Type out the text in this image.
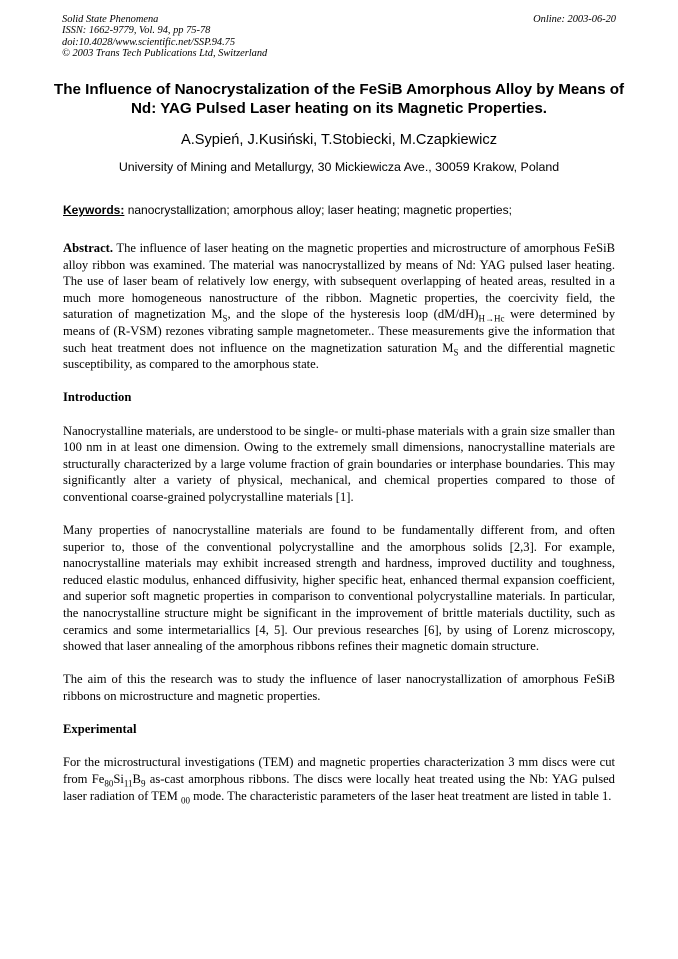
Solid State Phenomena
ISSN: 1662-9779, Vol. 94, pp 75-78
doi:10.4028/www.scientific.net/SSP.94.75
© 2003 Trans Tech Publications Ltd, Switzerland
Online: 2003-06-20
The Influence of Nanocrystalization of the FeSiB Amorphous Alloy by Means of Nd: YAG Pulsed Laser heating on its Magnetic Properties.
A.Sypień, J.Kusiński, T.Stobiecki, M.Czapkiewicz
University of Mining and Metallurgy, 30 Mickiewicza Ave., 30059 Krakow, Poland
Keywords: nanocrystallization; amorphous alloy; laser heating; magnetic properties;

Abstract. The influence of laser heating on the magnetic properties and microstructure of amorphous FeSiB alloy ribbon was examined. The material was nanocrystallized by means of Nd: YAG pulsed laser heating. The use of laser beam of relatively low energy, with subsequent overlapping of heated areas, resulted in a much more homogeneous nanostructure of the ribbon. Magnetic properties, the coercivity field, the saturation of magnetization $M_S$, and the slope of the hysteresis loop $(dM/dH)_{H\to Hc}$ were determined by means of (R-VSM) rezones vibrating sample magnetometer.. These measurements give the information that such heat treatment does not influence on the magnetization saturation $M_S$ and the differential magnetic susceptibility, as compared to the amorphous state.

Introduction

Nanocrystalline materials, are understood to be single- or multi-phase materials with a grain size smaller than 100 nm in at least one dimension. Owing to the extremely small dimensions, nanocrystalline materials are structurally characterized by a large volume fraction of grain boundaries or interphase boundaries. This may significantly alter a variety of physical, mechanical, and chemical properties compared to those of conventional coarse-grained polycrystalline materials [1].

Many properties of nanocrystalline materials are found to be fundamentally different from, and often superior to, those of the conventional polycrystalline and the amorphous solids [2,3]. For example, nanocrystalline materials may exhibit increased strength and hardness, improved ductility and toughness, reduced elastic modulus, enhanced diffusivity, higher specific heat, enhanced thermal expansion coefficient, and superior soft magnetic properties in comparison to conventional polycrystalline materials. In particular, the nanocrystalline structure might be significant in the improvement of brittle materials ductility, such as ceramics and some intermetariallics [4, 5]. Our previous researches [6], by using of Lorenz microscopy, showed that laser annealing of the amorphous ribbons refines their magnetic domain structure.

The aim of this the research was to study the influence of laser nanocrystallization of amorphous FeSiB ribbons on microstructure and magnetic properties.

Experimental

For the microstructural investigations (TEM) and magnetic properties characterization 3 mm discs were cut from $Fe_{80}Si_{11}B_9$ as-cast amorphous ribbons. The discs were locally heat treated using the Nb: YAG pulsed laser radiation of TEM $_{00}$ mode. The characteristic parameters of the laser heat treatment are listed in table 1.
